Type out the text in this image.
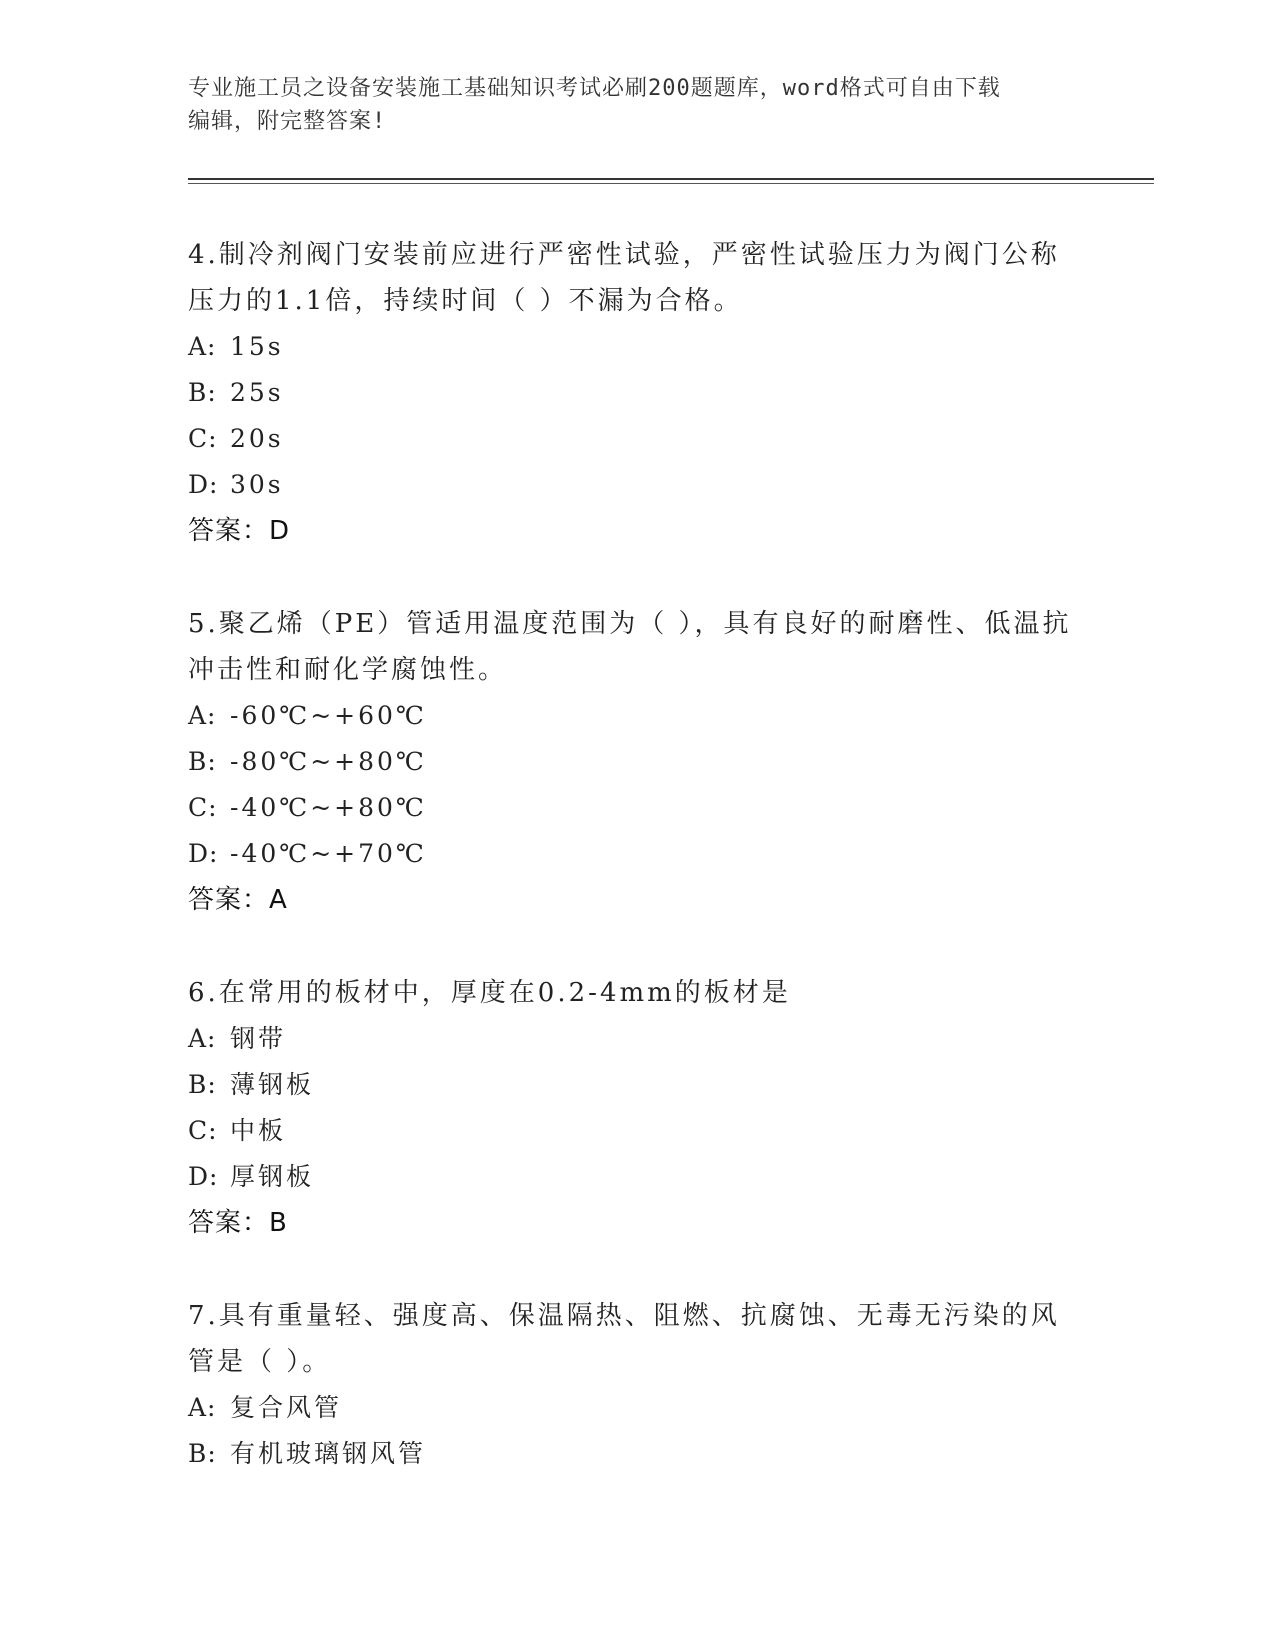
专业施工员之设备安装施工基础知识考试必刷200题题库，word格式可自由下载
编辑，附完整答案!

4.制冷剂阀门安装前应进行严密性试验，严密性试验压力为阀门公称压力的1.1倍，持续时间（ ）不漏为合格。

A: 15s
B: 25s
C: 20s
D: 30s
答案：D

5.聚乙烯（PE）管适用温度范围为（ ），具有良好的耐磨性、低温抗冲击性和耐化学腐蚀性。

A: -60℃~+60℃
B: -80℃~+80℃
C: -40℃~+80℃
D: -40℃~+70℃
答案：A

6.在常用的板材中，厚度在0.2-4mm的板材是

A: 钢带
B: 薄钢板
C: 中板
D: 厚钢板
答案：B

7.具有重量轻、强度高、保温隔热、阻燃、抗腐蚀、无毒无污染的风管是（ ）。

A: 复合风管
B: 有机玻璃钢风管
